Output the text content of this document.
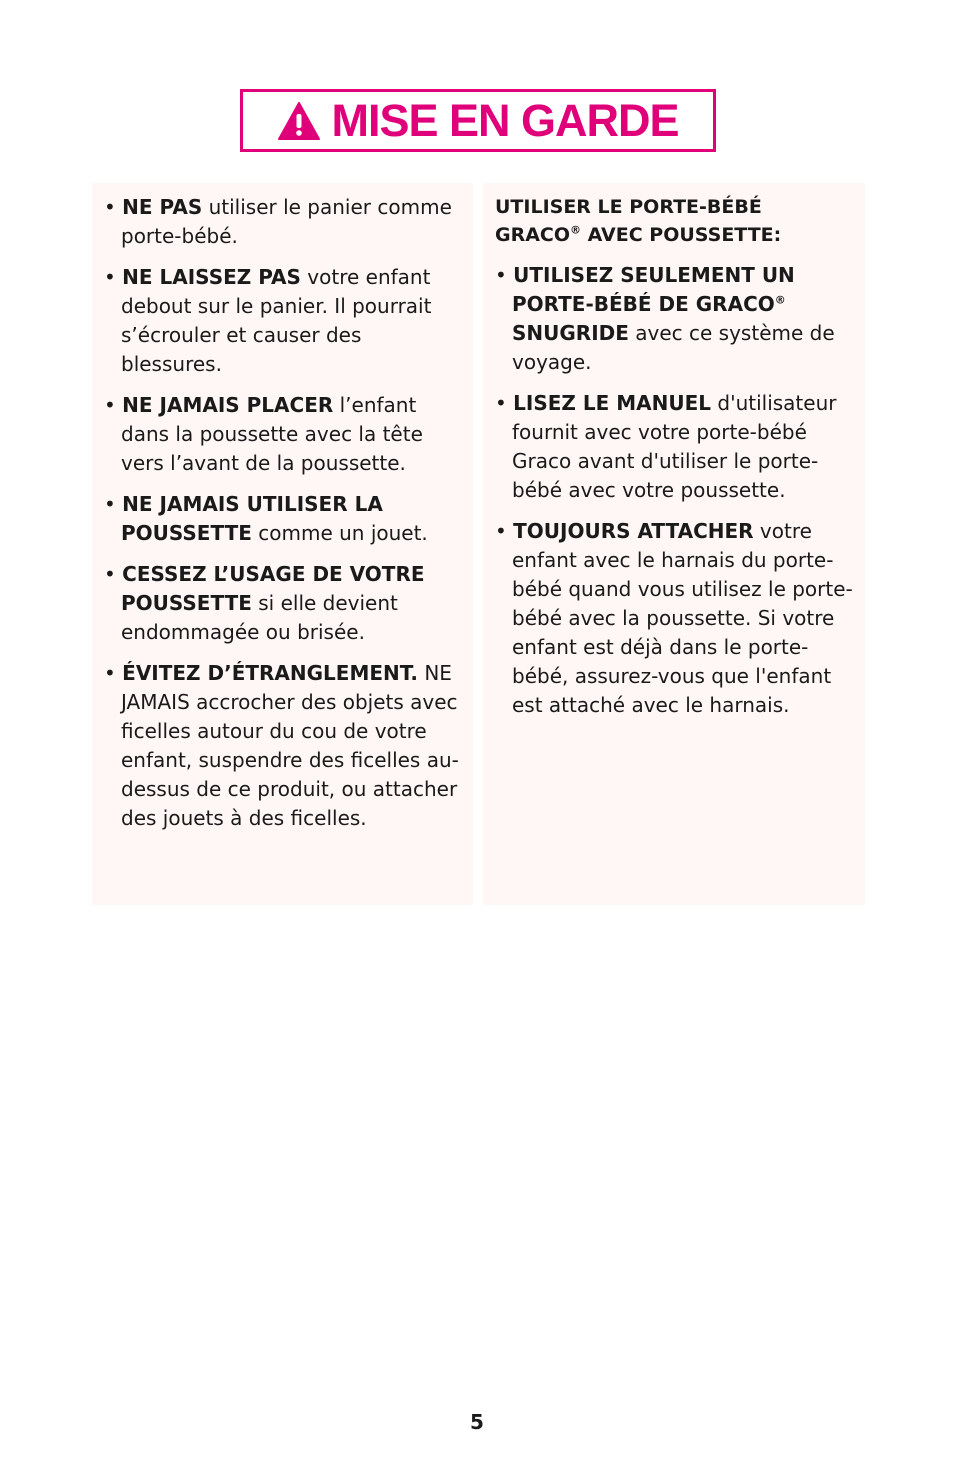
MISE EN GARDE
• NE PAS utiliser le panier comme porte-bébé.
• NE LAISSEZ PAS votre enfant debout sur le panier. Il pourrait s’écrouler et causer des blessures.
• NE JAMAIS PLACER l’enfant dans la poussette avec la tête vers l’avant de la poussette.
• NE JAMAIS UTILISER LA POUSSETTE comme un jouet.
• CESSEZ L’USAGE DE VOTRE POUSSETTE si elle devient endommagée ou brisée.
• ÉVITEZ D’ÉTRANGLEMENT. NE JAMAIS accrocher des objets avec ficelles autour du cou de votre enfant, suspendre des ficelles au-dessus de ce produit, ou attacher des jouets à des ficelles.
UTILISER LE PORTE-BÉBÉ GRACO® AVEC POUSSETTE:
• UTILISEZ SEULEMENT UN PORTE-BÉBÉ DE GRACO® SNUGRIDE avec ce système de voyage.
• LISEZ LE MANUEL d'utilisateur fournit avec votre porte-bébé Graco avant d'utiliser le porte-bébé avec votre poussette.
• TOUJOURS ATTACHER votre enfant avec le harnais du porte-bébé quand vous utilisez le porte-bébé avec la poussette. Si votre enfant est déjà dans le porte-bébé, assurez-vous que l'enfant est attaché avec le harnais.
5
